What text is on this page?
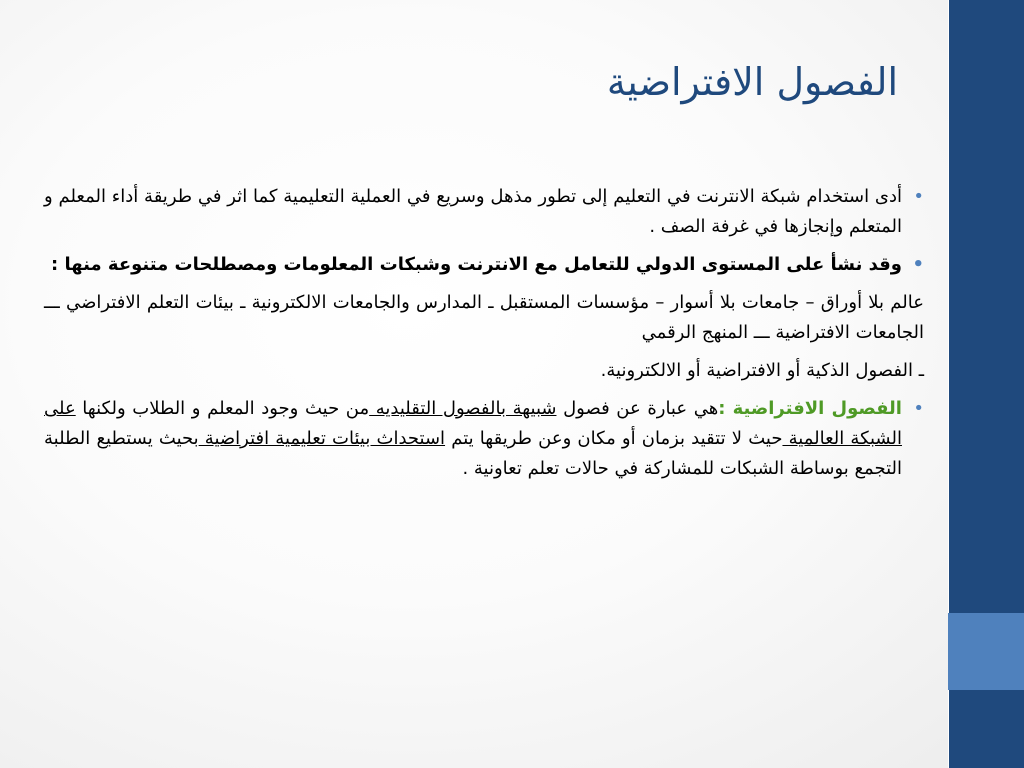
الفصول الافتراضية
•
أدى استخدام شبكة الانترنت في التعليم إلى تطور مذهل وسريع في العملية التعليمية كما اثر في طريقة أداء المعلم و المتعلم وإنجازها في غرفة الصف .
•
وقد نشأ على المستوى الدولي للتعامل مع الانترنت وشبكات المعلومات ومصطلحات متنوعة منها :
عالم بلا أوراق – جامعات بلا أسوار – مؤسسات المستقبل ـ المدارس والجامعات الالكترونية ـ بيئات التعلم الافتراضي ـــ الجامعات الافتراضية ـــ المنهج الرقمي
ـ الفصول الذكية أو الافتراضية أو الالكترونية.
•
الفصول الافتراضية :هي عبارة عن فصول شبيهة بالفصول التقليديه من حيث وجود المعلم و الطلاب ولكنها على الشبكة العالمية حيث لا تتقيد بزمان أو مكان وعن طريقها يتم استحداث بيئات تعليمية افتراضية بحيث يستطيع الطلبة التجمع بوساطة الشبكات للمشاركة في حالات تعلم تعاونية .
